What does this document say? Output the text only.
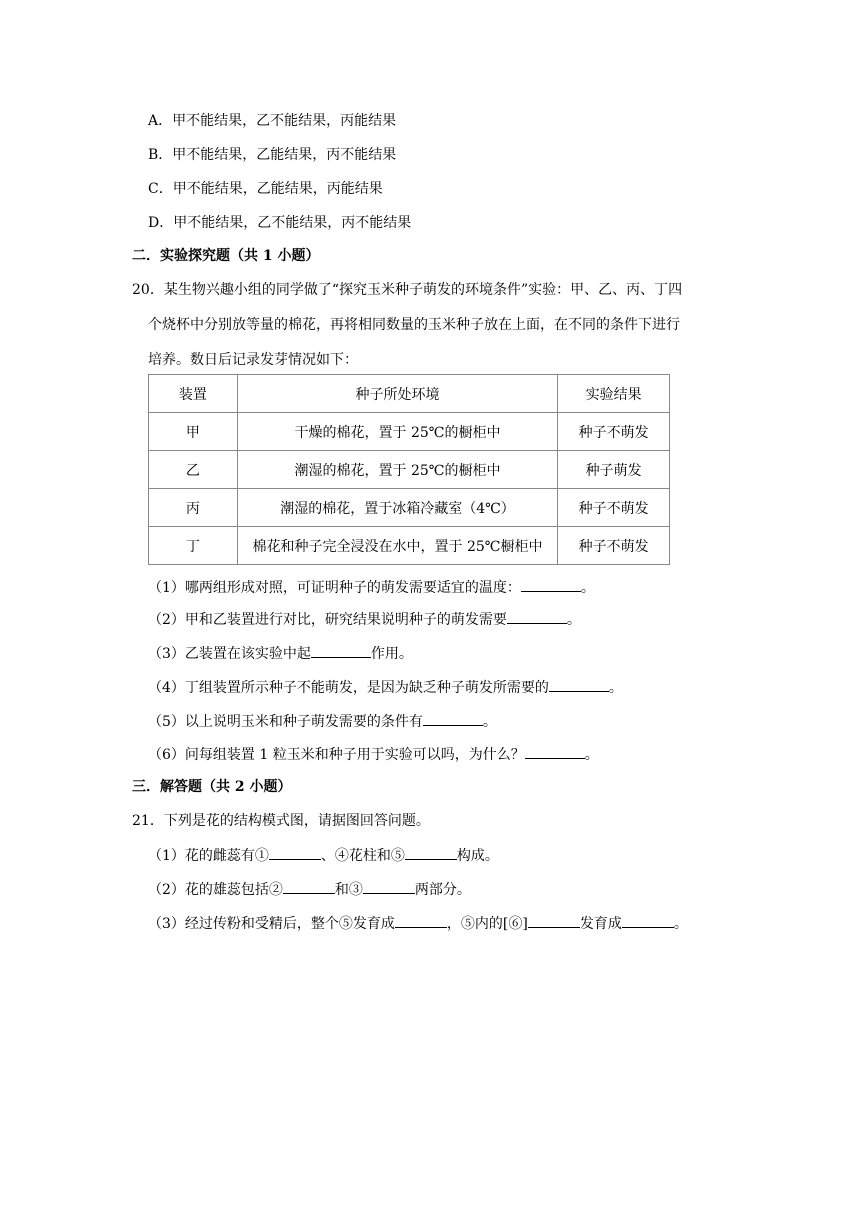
A．甲不能结果，乙不能结果，丙能结果
B．甲不能结果，乙能结果，丙不能结果
C．甲不能结果，乙能结果，丙能结果
D．甲不能结果，乙不能结果，丙不能结果
二．实验探究题（共 1 小题）
20．某生物兴趣小组的同学做了“探究玉米种子萌发的环境条件”实验：甲、乙、丙、丁四
个烧杯中分别放等量的棉花，再将相同数量的玉米种子放在上面，在不同的条件下进行
培养。数日后记录发芽情况如下：
装置	种子所处环境	实验结果
甲	干燥的棉花，置于 25℃的橱柜中	种子不萌发
乙	潮湿的棉花，置于 25℃的橱柜中	种子萌发
丙	潮湿的棉花，置于冰箱冷藏室（4℃）	种子不萌发
丁	棉花和种子完全浸没在水中，置于 25℃橱柜中	种子不萌发
（1）哪两组形成对照，可证明种子的萌发需要适宜的温度：	。
（2）甲和乙装置进行对比，研究结果说明种子的萌发需要	。
（3）乙装置在该实验中起	作用。
（4）丁组装置所示种子不能萌发，是因为缺乏种子萌发所需要的	。
（5）以上说明玉米和种子萌发需要的条件有	。
（6）问每组装置 1 粒玉米和种子用于实验可以吗，为什么？	。
三．解答题（共 2 小题）
21．下列是花的结构模式图，请据图回答问题。
（1）花的雌蕊有①	、④花柱和⑤	构成。
（2）花的雄蕊包括②	和③	两部分。
（3）经过传粉和受精后，整个⑤发育成	，⑤内的[⑥]	发育成	。
